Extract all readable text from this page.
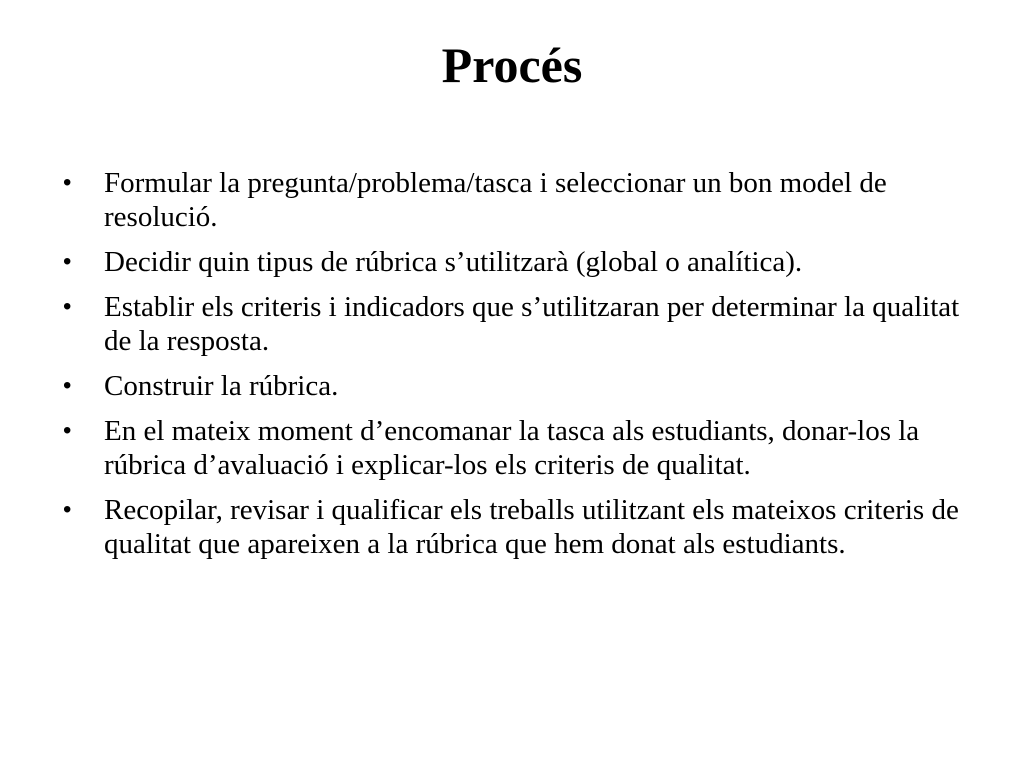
Procés
•	Formular la pregunta/problema/tasca i seleccionar un bon model de resolució.
•	Decidir quin tipus de rúbrica s’utilitzarà (global o analítica).
•	Establir els criteris i indicadors que s’utilitzaran per determinar la qualitat de la resposta.
•	Construir la rúbrica.
•	En el mateix moment d’encomanar la tasca als estudiants, donar-los la rúbrica d’avaluació i explicar-los els criteris de qualitat.
•	Recopilar, revisar i qualificar els treballs utilitzant els mateixos criteris de qualitat que apareixen a la rúbrica que hem donat als estudiants.
